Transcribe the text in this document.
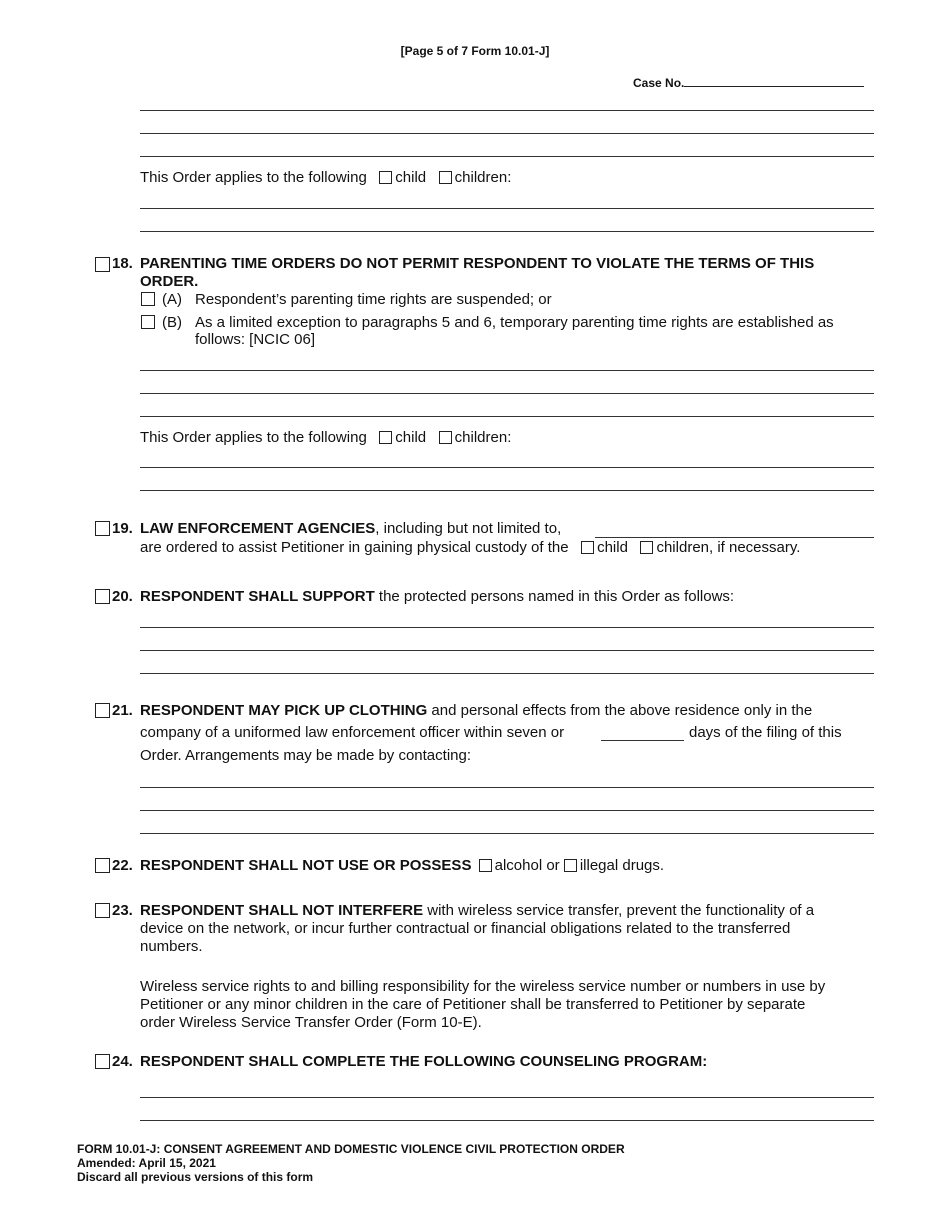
[Page 5 of 7 Form 10.01-J]
Case No.
This Order applies to the following child children:
18. PARENTING TIME ORDERS DO NOT PERMIT RESPONDENT TO VIOLATE THE TERMS OF THIS
ORDER.
(A) Respondent’s parenting time rights are suspended; or
(B) As a limited exception to paragraphs 5 and 6, temporary parenting time rights are established as
follows: [NCIC 06]
This Order applies to the following child children:
19. LAW ENFORCEMENT AGENCIES, including but not limited to,
are ordered to assist Petitioner in gaining physical custody of the child children, if necessary.
20. RESPONDENT SHALL SUPPORT the protected persons named in this Order as follows:
21. RESPONDENT MAY PICK UP CLOTHING and personal effects from the above residence only in the
company of a uniformed law enforcement officer within seven or	days of the filing of this
Order. Arrangements may be made by contacting:
22. RESPONDENT SHALL NOT USE OR POSSESS alcohol or illegal drugs.
23. RESPONDENT SHALL NOT INTERFERE with wireless service transfer, prevent the functionality of a
device on the network, or incur further contractual or financial obligations related to the transferred
numbers.
Wireless service rights to and billing responsibility for the wireless service number or numbers in use by
Petitioner or any minor children in the care of Petitioner shall be transferred to Petitioner by separate
order Wireless Service Transfer Order (Form 10-E).
24. RESPONDENT SHALL COMPLETE THE FOLLOWING COUNSELING PROGRAM:
FORM 10.01-J: CONSENT AGREEMENT AND DOMESTIC VIOLENCE CIVIL PROTECTION ORDER
Amended: April 15, 2021
Discard all previous versions of this form
